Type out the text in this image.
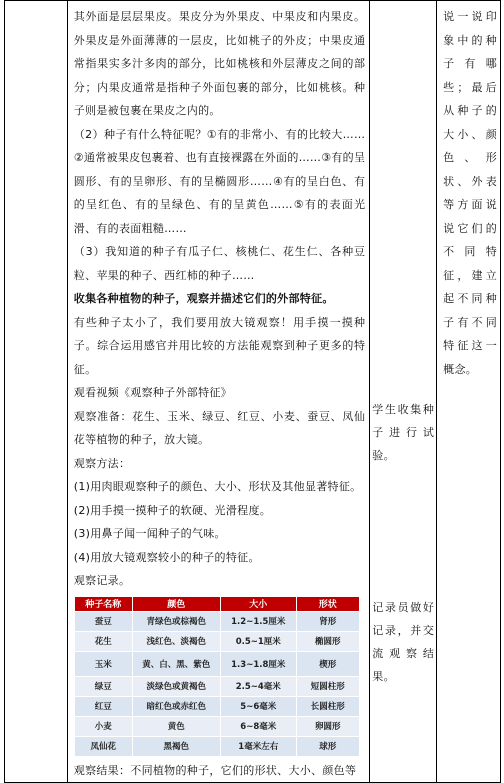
其外面是层层果皮。果皮分为外果皮、中果皮和内果皮。外果皮是外面薄薄的一层皮，比如桃子的外皮；中果皮通常指果实多汁多肉的部分，比如桃核和外层薄皮之间的部分；内果皮通常是指种子外面包裹的部分，比如桃核。种子则是被包裹在果皮之内的。

（2）种子有什么特征呢？①有的非常小、有的比较大……②通常被果皮包裹着、也有直接裸露在外面的……③有的呈圆形、有的呈卵形、有的呈椭圆形……④有的呈白色、有的呈红色、有的呈绿色、有的呈黄色……⑤有的表面光滑、有的表面粗糙……

（3）我知道的种子有瓜子仁、核桃仁、花生仁、各种豆粒、苹果的种子、西红柿的种子……

收集各种植物的种子，观察并描述它们的外部特征。

有些种子太小了，我们要用放大镜观察！用手摸一摸种子。综合运用感官并用比较的方法能观察到种子更多的特征。

观看视频《观察种子外部特征》

观察准备：花生、玉米、绿豆、红豆、小麦、蚕豆、凤仙花等植物的种子，放大镜。

观察方法：

(1)用肉眼观察种子的颜色、大小、形状及其他显著特征。

(2)用手摸一摸种子的软硬、光滑程度。

(3)用鼻子闻一闻种子的气味。

(4)用放大镜观察较小的种子的特征。

观察记录。

种子名称	颜色	大小	形状
蚕豆	青绿色或棕褐色	1.2~1.5厘米	肾形
花生	浅红色、淡褐色	0.5~1厘米	椭圆形
玉米	黄、白、黑、紫色	1.3~1.8厘米	楔形
绿豆	淡绿色或黄褐色	2.5~4毫米	短圆柱形
红豆	暗红色或赤红色	5~6毫米	长圆柱形
小麦	黄色	6~8毫米	卵圆形
凤仙花	黑褐色	1毫米左右	球形

观察结果：不同植物的种子，它们的形状、大小、颜色等

学生收集种子进行试验。

记录员做好记录，并交流观察结果。

说一说印象中的种子有哪些；最后从种子的大小、颜色、形状、外表等方面说说它们的不同特征，建立起不同种子有不同特征这一概念。
